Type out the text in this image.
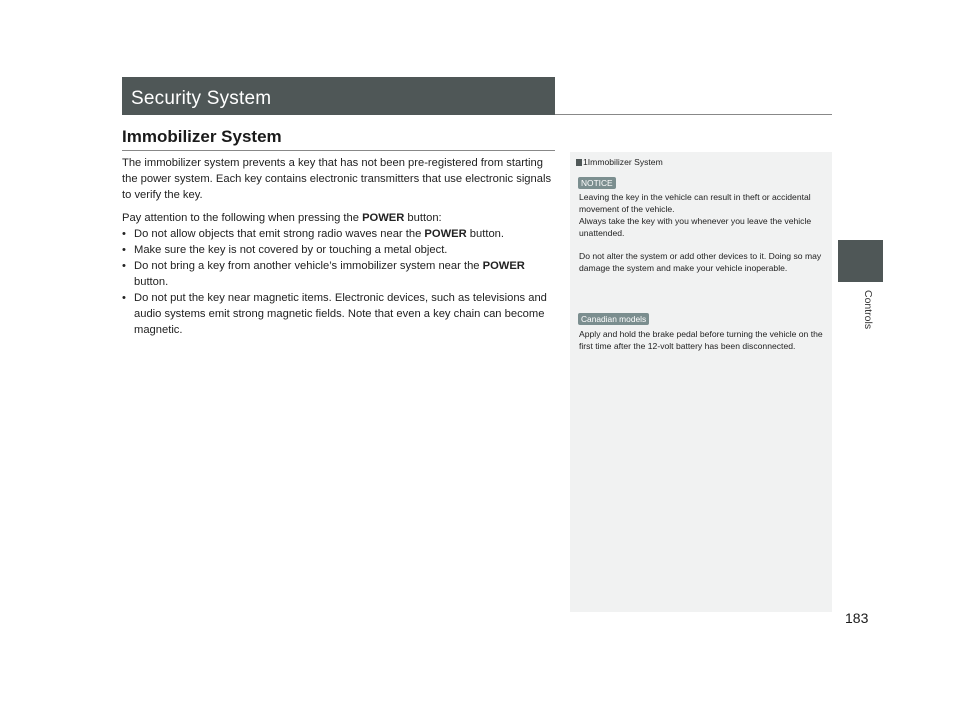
Security System
Immobilizer System

The immobilizer system prevents a key that has not been pre-registered from starting the power system. Each key contains electronic transmitters that use electronic signals to verify the key.

Pay attention to the following when pressing the POWER button:
• Do not allow objects that emit strong radio waves near the POWER button.
• Make sure the key is not covered by or touching a metal object.
• Do not bring a key from another vehicle’s immobilizer system near the POWER button.
• Do not put the key near magnetic items. Electronic devices, such as televisions and audio systems emit strong magnetic fields. Note that even a key chain can become magnetic.
1Immobilizer System
NOTICE

Leaving the key in the vehicle can result in theft or accidental movement of the vehicle.

Always take the key with you whenever you leave the vehicle unattended.

Do not alter the system or add other devices to it. Doing so may damage the system and make your vehicle inoperable.

Canadian models
Apply and hold the brake pedal before turning the vehicle on the first time after the 12-volt battery has been disconnected.
Controls
183
